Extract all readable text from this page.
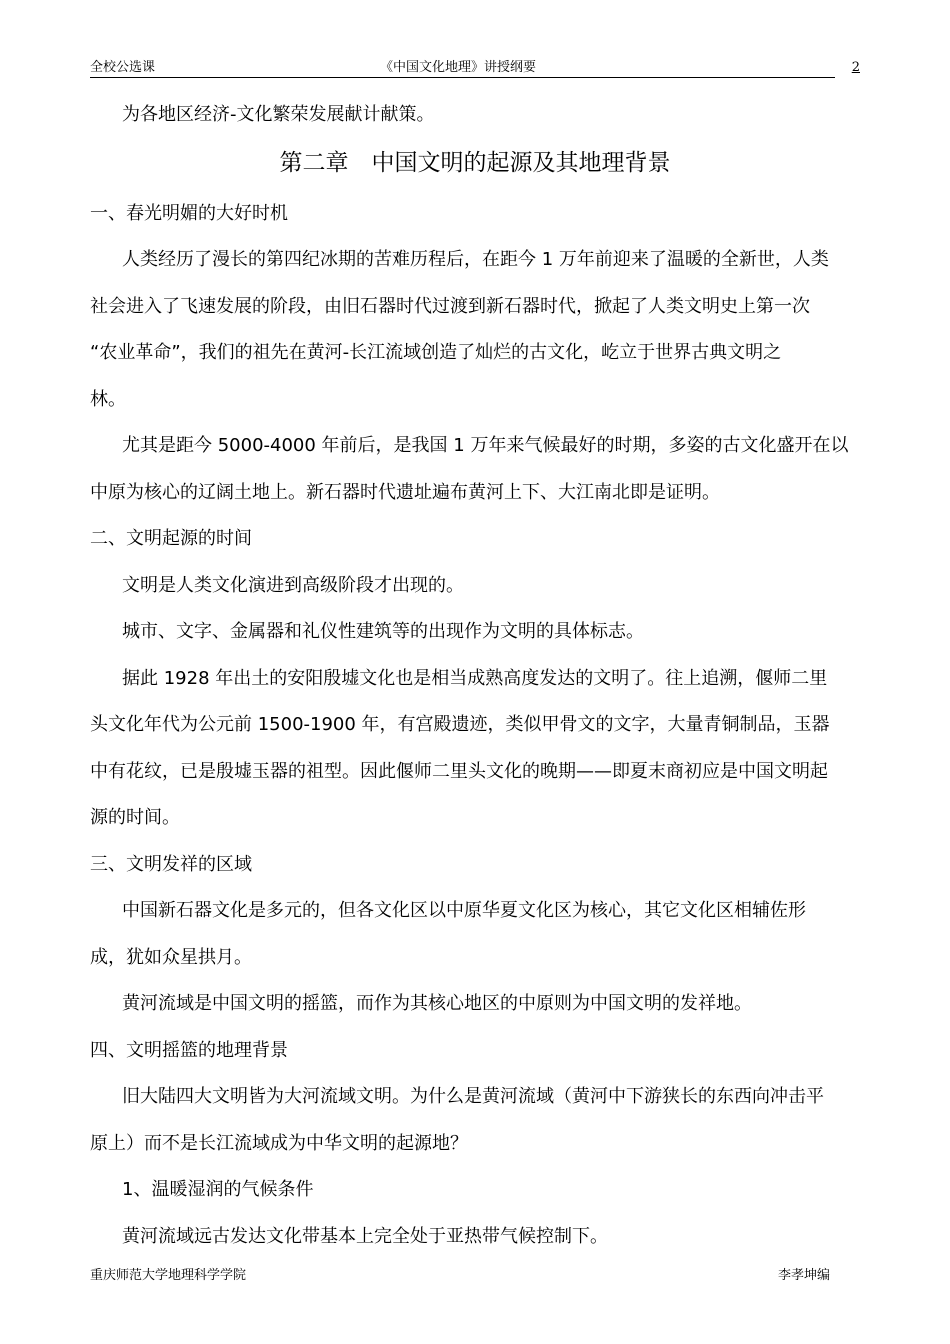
全校公选课	《中国文化地理》讲授纲要	2
为各地区经济-文化繁荣发展献计献策。
第二章　中国文明的起源及其地理背景
一、春光明媚的大好时机
人类经历了漫长的第四纪冰期的苦难历程后，在距今 1 万年前迎来了温暖的全新世，人类
社会进入了飞速发展的阶段，由旧石器时代过渡到新石器时代，掀起了人类文明史上第一次
“农业革命”，我们的祖先在黄河-长江流域创造了灿烂的古文化，屹立于世界古典文明之
林。
尤其是距今 5000-4000 年前后，是我国 1 万年来气候最好的时期，多姿的古文化盛开在以
中原为核心的辽阔土地上。新石器时代遗址遍布黄河上下、大江南北即是证明。
二、文明起源的时间
文明是人类文化演进到高级阶段才出现的。
城市、文字、金属器和礼仪性建筑等的出现作为文明的具体标志。
据此 1928 年出土的安阳殷墟文化也是相当成熟高度发达的文明了。往上追溯，偃师二里
头文化年代为公元前 1500-1900 年，有宫殿遗迹，类似甲骨文的文字，大量青铜制品，玉器
中有花纹，已是殷墟玉器的祖型。因此偃师二里头文化的晚期——即夏末商初应是中国文明起
源的时间。
三、文明发祥的区域
中国新石器文化是多元的，但各文化区以中原华夏文化区为核心，其它文化区相辅佐形
成，犹如众星拱月。
黄河流域是中国文明的摇篮，而作为其核心地区的中原则为中国文明的发祥地。
四、文明摇篮的地理背景
旧大陆四大文明皆为大河流域文明。为什么是黄河流域（黄河中下游狭长的东西向冲击平
原上）而不是长江流域成为中华文明的起源地？
1、温暖湿润的气候条件
黄河流域远古发达文化带基本上完全处于亚热带气候控制下。
重庆师范大学地理科学学院	李孝坤编
